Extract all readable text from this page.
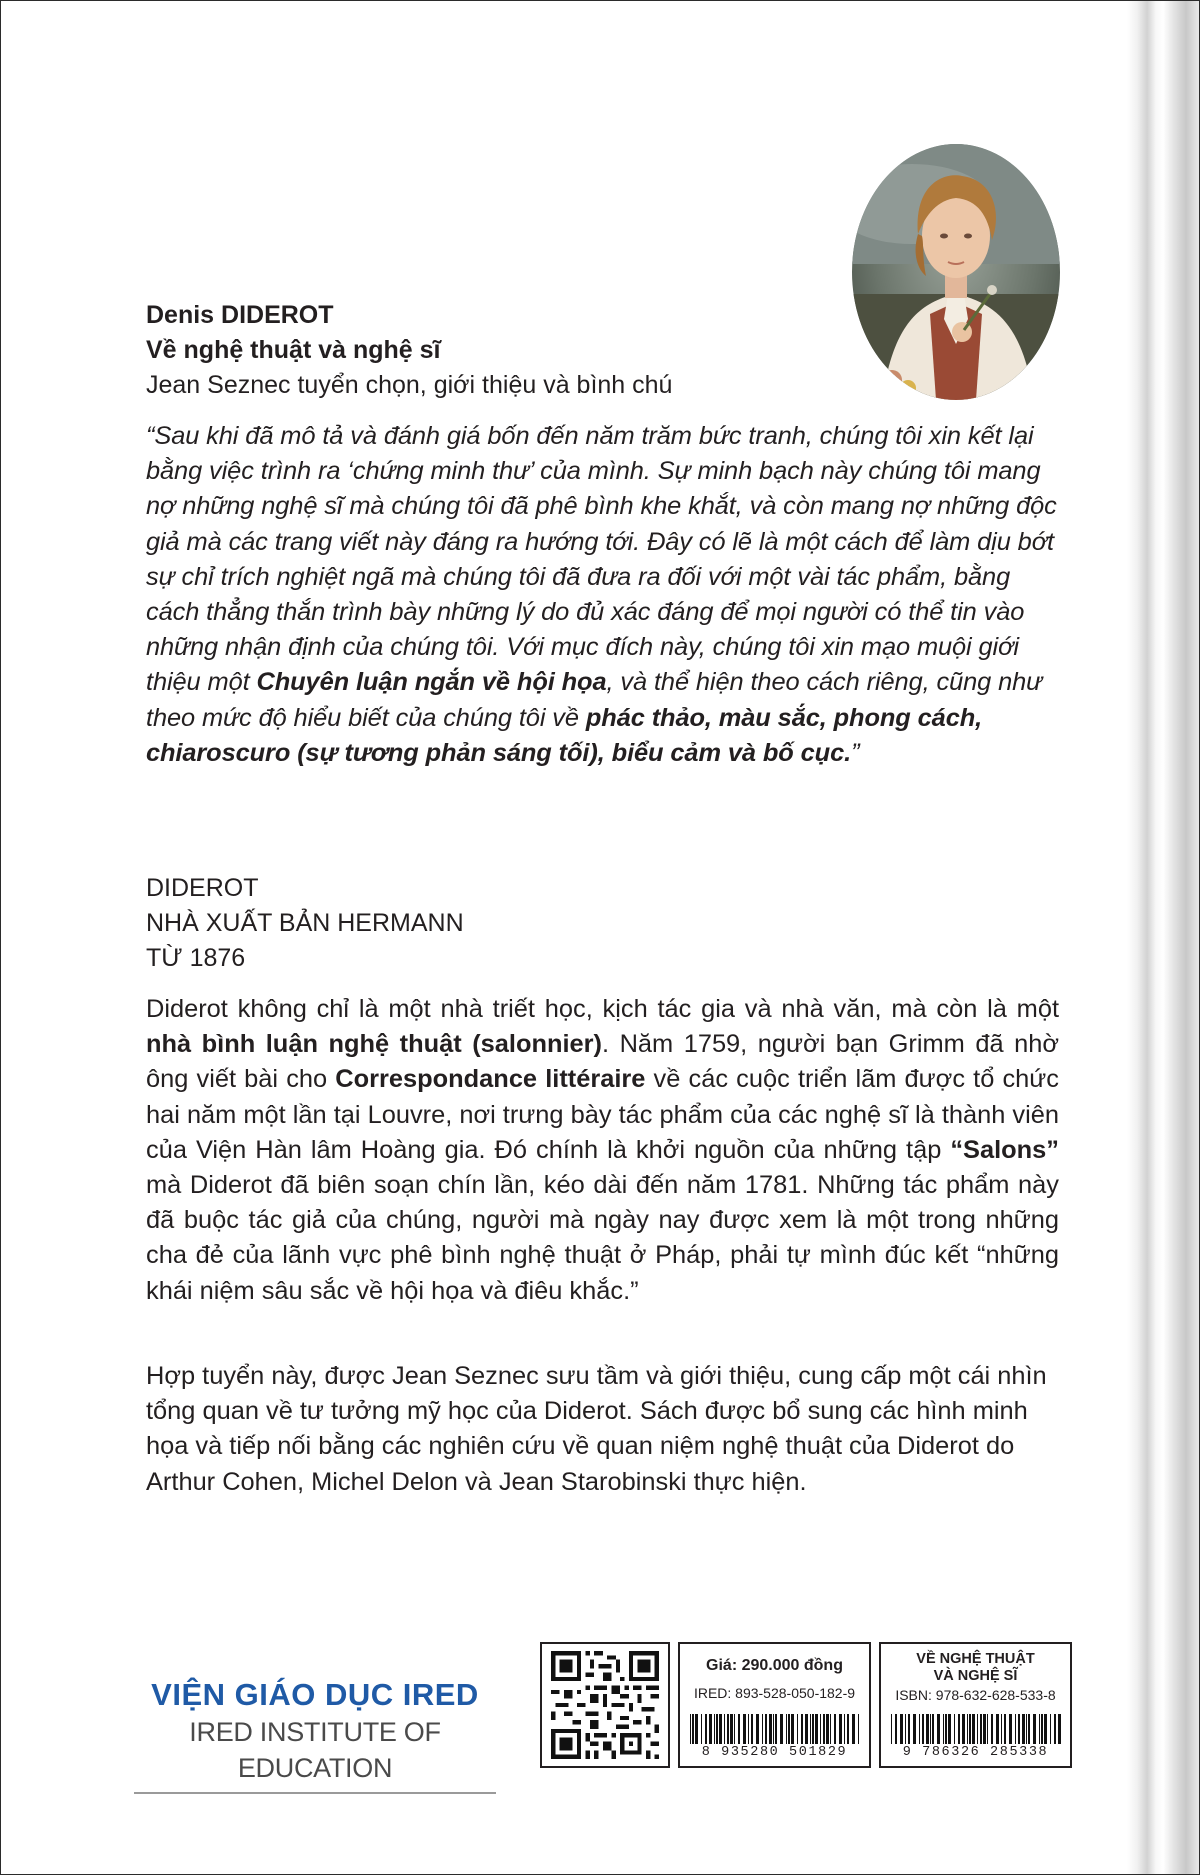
Denis DIDEROT
Về nghệ thuật và nghệ sĩ
Jean Seznec tuyển chọn, giới thiệu và bình chú
“Sau khi đã mô tả và đánh giá bốn đến năm trăm bức tranh, chúng tôi xin kết lại bằng việc trình ra ‘chứng minh thư’ của mình. Sự minh bạch này chúng tôi mang nợ những nghệ sĩ mà chúng tôi đã phê bình khe khắt, và còn mang nợ những độc giả mà các trang viết này đáng ra hướng tới. Đây có lẽ là một cách để làm dịu bớt sự chỉ trích nghiệt ngã mà chúng tôi đã đưa ra đối với một vài tác phẩm, bằng cách thẳng thắn trình bày những lý do đủ xác đáng để mọi người có thể tin vào những nhận định của chúng tôi. Với mục đích này, chúng tôi xin mạo muội giới thiệu một Chuyên luận ngắn về hội họa, và thể hiện theo cách riêng, cũng như theo mức độ hiểu biết của chúng tôi về phác thảo, màu sắc, phong cách, chiaroscuro (sự tương phản sáng tối), biểu cảm và bố cục.”
DIDEROT
NHÀ XUẤT BẢN HERMANN
TỪ 1876
Diderot không chỉ là một nhà triết học, kịch tác gia và nhà văn, mà còn là một nhà bình luận nghệ thuật (salonnier). Năm 1759, người bạn Grimm đã nhờ ông viết bài cho Correspondance littéraire về các cuộc triển lãm được tổ chức hai năm một lần tại Louvre, nơi trưng bày tác phẩm của các nghệ sĩ là thành viên của Viện Hàn lâm Hoàng gia. Đó chính là khởi nguồn của những tập “Salons” mà Diderot đã biên soạn chín lần, kéo dài đến năm 1781. Những tác phẩm này đã buộc tác giả của chúng, người mà ngày nay được xem là một trong những cha đẻ của lãnh vực phê bình nghệ thuật ở Pháp, phải tự mình đúc kết “những khái niệm sâu sắc về hội họa và điêu khắc.”
Hợp tuyển này, được Jean Seznec sưu tầm và giới thiệu, cung cấp một cái nhìn tổng quan về tư tưởng mỹ học của Diderot. Sách được bổ sung các hình minh họa và tiếp nối bằng các nghiên cứu về quan niệm nghệ thuật của Diderot do Arthur Cohen, Michel Delon và Jean Starobinski thực hiện.
VIỆN GIÁO DỤC IRED
IRED INSTITUTE OF EDUCATION
Giá: 290.000 đồng
IRED: 893-528-050-182-9
8 935280 501829
VỀ NGHỆ THUẬT
VÀ NGHỆ SĨ
ISBN: 978-632-628-533-8
9 786326 285338
